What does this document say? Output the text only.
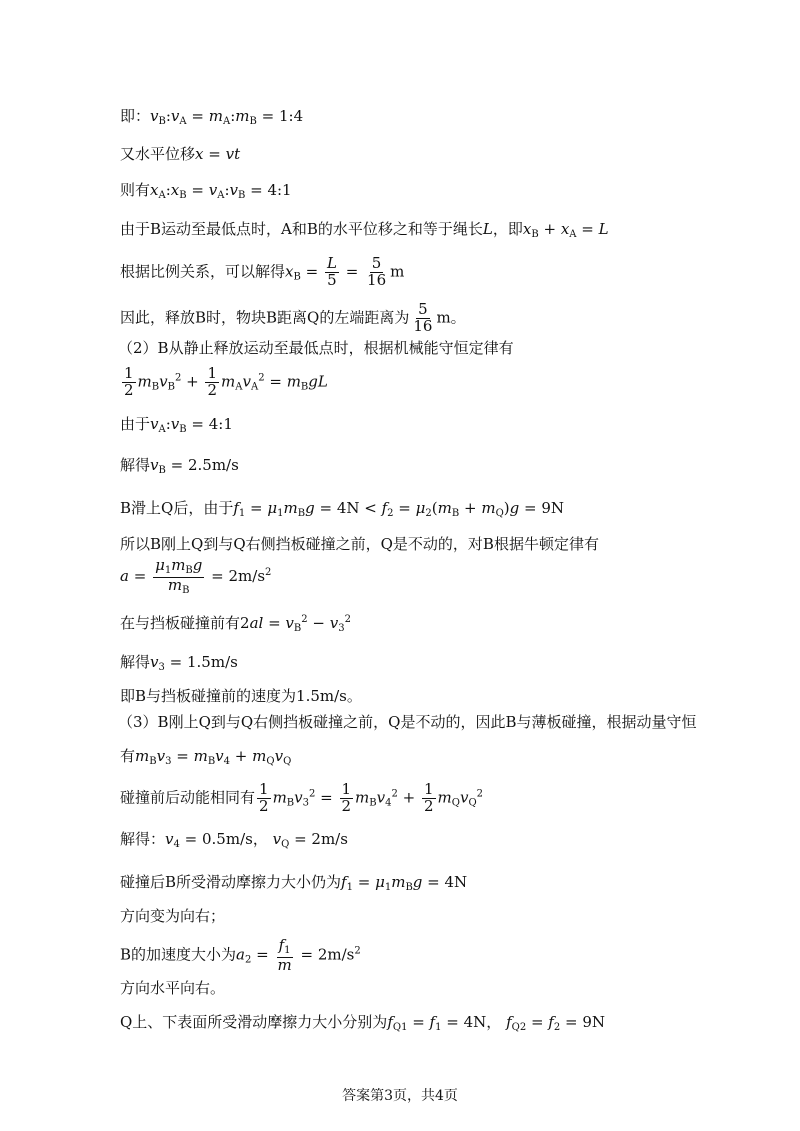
即：$v_B:v_A$ = $m_A:m_B$ = 1:4
又水平位移x = vt
则有$x_A:x_B$ = $v_A:v_B$ = 4:1
由于B运动至最低点时，A和B的水平位移之和等于绳长L，即$x_B + x_A = L$
根据比例关系，可以解得$x_B = \frac{L}{5} = \frac{5}{16}$ m
因此，释放B时，物块B距离Q的左端距离为 $\frac{5}{16}$ m。
（2）B从静止释放运动至最低点时，根据机械能守恒定律有
$\frac{1}{2} m_Bv_B^2 + \frac{1}{2} m_Av_A^2 = m_BgL$
由于$v_A:v_B$ = 4:1
解得$v_B = 2.5m/s$
B滑上Q后，由于$f_1 = \mu_1m_Bg = 4N < f_2 = \mu_2(m_B + m_Q)g = 9N$
所以B刚上Q到与Q右侧挡板碰撞之前，Q是不动的，对B根据牛顿定律有
$a = \frac{\mu_1m_Bg}{m_B} = 2m/s^2$
在与挡板碰撞前有$2al = v_B^2 - v_3^2$
解得$v_3 = 1.5m/s$
即B与挡板碰撞前的速度为1.5m/s。
（3）B刚上Q到与Q右侧挡板碰撞之前，Q是不动的，因此B与薄板碰撞，根据动量守恒
有$m_Bv_3 = m_Bv_4 + m_Qv_Q$
碰撞前后动能相同有 $\frac{1}{2} m_Bv_3^2 = \frac{1}{2} m_Bv_4^2 + \frac{1}{2} m_Qv_Q^2$
解得：$v_4 = 0.5m/s$， $v_Q = 2m/s$
碰撞后B所受滑动摩擦力大小仍为$f_1 = \mu_1m_Bg = 4N$
方向变为向右；
B的加速度大小为$a_2 = \frac{f_1}{m} = 2m/s^2$
方向水平向右。
Q上、下表面所受滑动摩擦力大小分别为$f_{Q1} = f_1 = 4N$， $f_{Q2} = f_2 = 9N$
答案第3页，共4页
